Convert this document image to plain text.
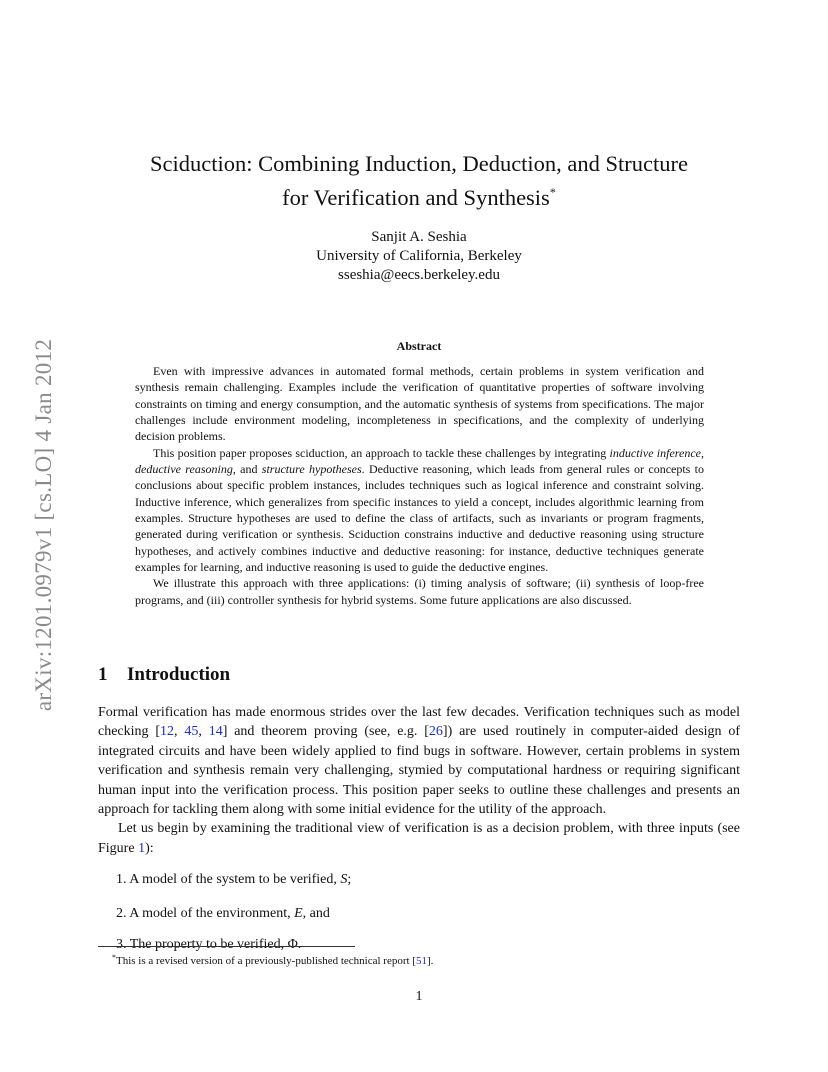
arXiv:1201.0979v1 [cs.LO] 4 Jan 2012
Sciduction: Combining Induction, Deduction, and Structure
for Verification and Synthesis*
Sanjit A. Seshia
University of California, Berkeley
sseshia@eecs.berkeley.edu
Abstract

Even with impressive advances in automated formal methods, certain problems in system verification and synthesis remain challenging. Examples include the verification of quantitative properties of software involving constraints on timing and energy consumption, and the automatic synthesis of systems from specifications. The major challenges include environment modeling, incompleteness in specifications, and the complexity of underlying decision problems.

This position paper proposes sciduction, an approach to tackle these challenges by integrating inductive inference, deductive reasoning, and structure hypotheses. Deductive reasoning, which leads from general rules or concepts to conclusions about specific problem instances, includes techniques such as logical inference and constraint solving. Inductive inference, which generalizes from specific instances to yield a concept, includes algorithmic learning from examples. Structure hypotheses are used to define the class of artifacts, such as invariants or program fragments, generated during verification or synthesis. Sciduction constrains inductive and deductive reasoning using structure hypotheses, and actively combines inductive and deductive reasoning: for instance, deductive techniques generate examples for learning, and inductive reasoning is used to guide the deductive engines.

We illustrate this approach with three applications: (i) timing analysis of software; (ii) synthesis of loop-free programs, and (iii) controller synthesis for hybrid systems. Some future applications are also discussed.

1 Introduction

Formal verification has made enormous strides over the last few decades. Verification techniques such as model checking [12, 45, 14] and theorem proving (see, e.g. [26]) are used routinely in computer-aided design of integrated circuits and have been widely applied to find bugs in software. However, certain problems in system verification and synthesis remain very challenging, stymied by computational hardness or requiring significant human input into the verification process. This position paper seeks to outline these challenges and presents an approach for tackling them along with some initial evidence for the utility of the approach.

Let us begin by examining the traditional view of verification is as a decision problem, with three inputs (see Figure 1):

1. A model of the system to be verified, S;
2. A model of the environment, E, and
3. The property to be verified, Φ.
*This is a revised version of a previously-published technical report [51].
1
